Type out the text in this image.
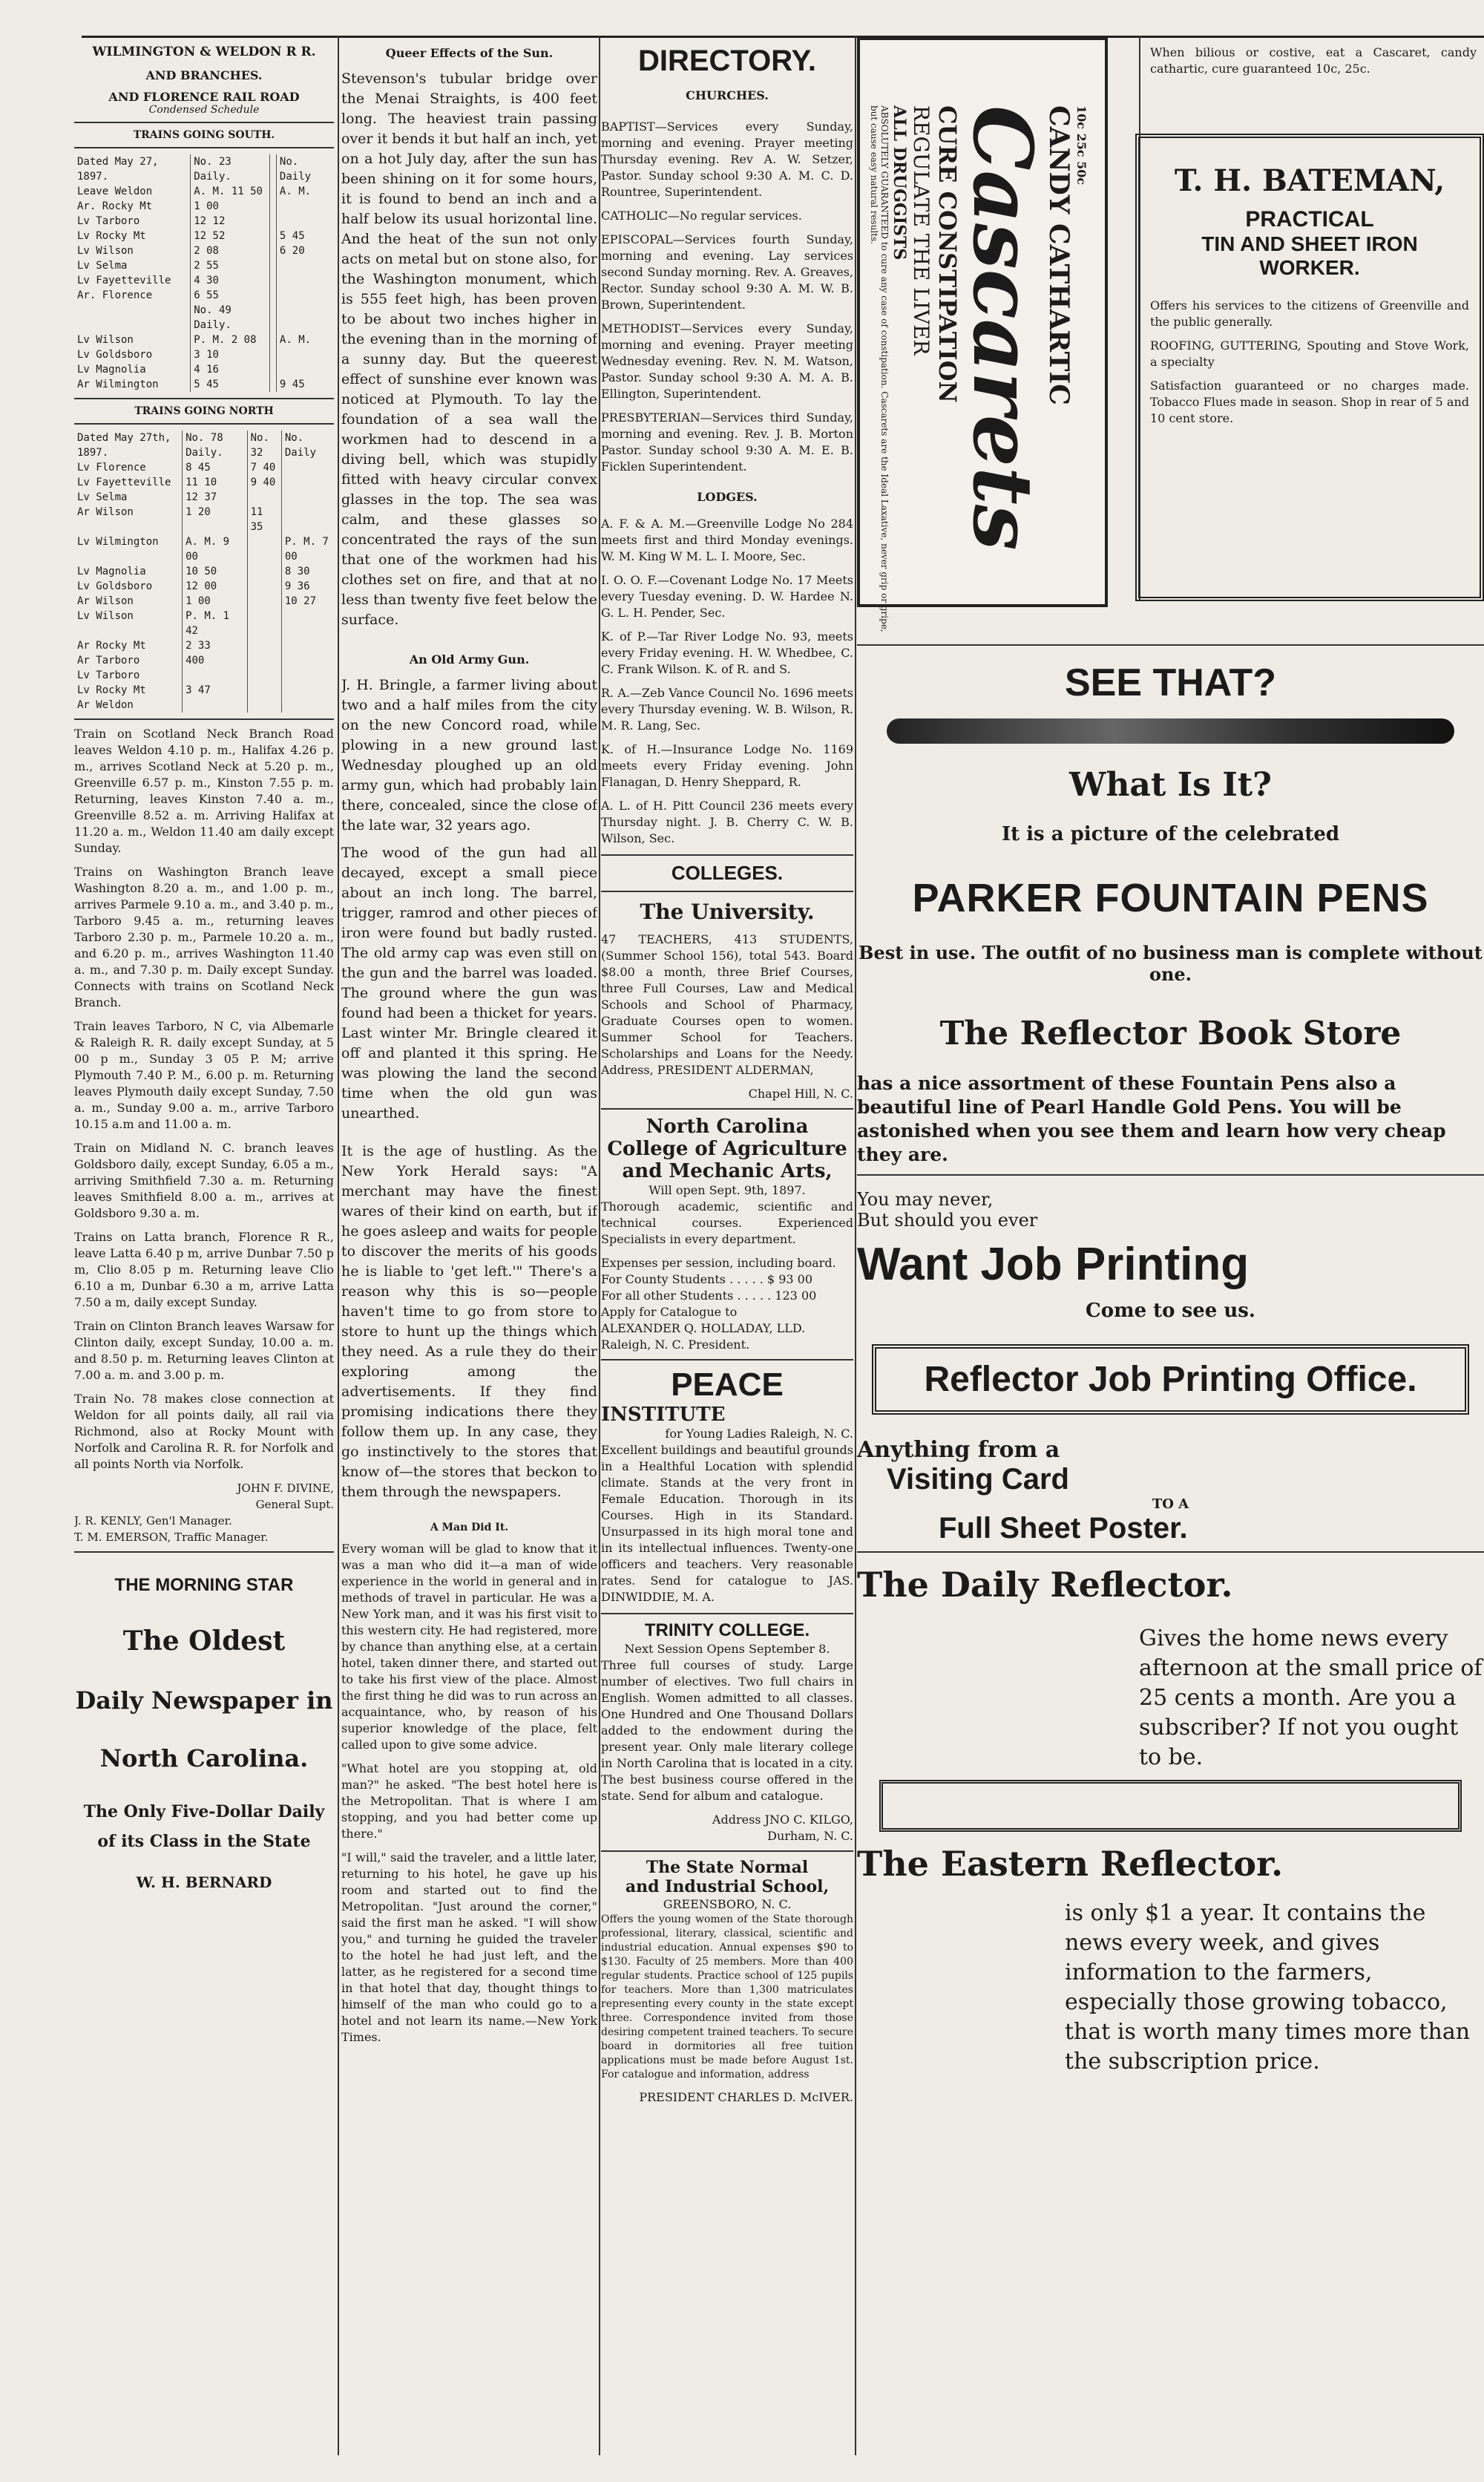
WILMINGTON & WELDON R R.
AND BRANCHES.
AND FLORENCE RAIL ROAD
Condensed Schedule
TRAINS GOING SOUTH.
Dated May 27, 1897.	No. 23 Daily.		No. Daily
Leave Weldon	A. M. 11 50		A. M.
Ar. Rocky Mt	1 00		
Lv Tarboro	12 12		
Lv Rocky Mt	12 52		5 45
Lv Wilson	2 08		6 20
Lv Selma	2 55		
Lv Fayetteville	4 30		
Ar. Florence	6 55		
	No. 49 Daily.		
Lv Wilson	P. M. 2 08		A. M.
Lv Goldsboro	3 10		
Lv Magnolia	4 16		
Ar Wilmington	5 45		9 45
TRAINS GOING NORTH
Dated May 27th, 1897.	No. 78 Daily.	No. 32	No. Daily
Lv Florence	8 45	7 40	
Lv Fayetteville	11 10	9 40	
Lv Selma	12 37		
Ar Wilson	1 20	11 35	
Lv Wilmington	A. M. 9 00		P. M. 7 00
Lv Magnolia	10 50		8 30
Lv Goldsboro	12 00		9 36
Ar Wilson	1 00		10 27
Lv Wilson	P. M. 1 42		
Ar Rocky Mt	2 33		
Ar Tarboro	400		
Lv Tarboro			
Lv Rocky Mt	3 47		
Ar Weldon			

Train on Scotland Neck Branch Road leaves Weldon 4.10 p. m., Halifax 4.26 p. m., arrives Scotland Neck at 5.20 p. m., Greenville 6.57 p. m., Kinston 7.55 p. m. Returning, leaves Kinston 7.40 a. m., Greenville 8.52 a. m. Arriving Halifax at 11.20 a. m., Weldon 11.40 am daily except Sunday.

Trains on Washington Branch leave Washington 8.20 a. m., and 1.00 p. m., arrives Parmele 9.10 a. m., and 3.40 p. m., Tarboro 9.45 a. m., returning leaves Tarboro 2.30 p. m., Parmele 10.20 a. m., and 6.20 p. m., arrives Washington 11.40 a. m., and 7.30 p. m. Daily except Sunday. Connects with trains on Scotland Neck Branch.

Train leaves Tarboro, N C, via Albemarle & Raleigh R. R. daily except Sunday, at 5 00 p m., Sunday 3 05 P. M; arrive Plymouth 7.40 P. M., 6.00 p. m. Returning leaves Plymouth daily except Sunday, 7.50 a. m., Sunday 9.00 a. m., arrive Tarboro 10.15 a.m and 11.00 a. m.

Train on Midland N. C. branch leaves Goldsboro daily, except Sunday, 6.05 a m., arriving Smithfield 7.30 a. m. Returning leaves Smithfield 8.00 a. m., arrives at Goldsboro 9.30 a. m.

Trains on Latta branch, Florence R R., leave Latta 6.40 p m, arrive Dunbar 7.50 p m, Clio 8.05 p m. Returning leave Clio 6.10 a m, Dunbar 6.30 a m, arrive Latta 7.50 a m, daily except Sunday.

Train on Clinton Branch leaves Warsaw for Clinton daily, except Sunday, 10.00 a. m. and 8.50 p. m. Returning leaves Clinton at 7.00 a. m. and 3.00 p. m.

Train No. 78 makes close connection at Weldon for all points daily, all rail via Richmond, also at Rocky Mount with Norfolk and Carolina R. R. for Norfolk and all points North via Norfolk.

JOHN F. DIVINE,
General Supt.
J. R. KENLY, Gen'l Manager.
T. M. EMERSON, Traffic Manager.
THE MORNING STAR
The Oldest
Daily Newspaper in
North Carolina.
The Only Five-Dollar Daily
of its Class in the State
W. H. BERNARD
Queer Effects of the Sun.

Stevenson's tubular bridge over the Menai Straights, is 400 feet long. The heaviest train passing over it bends it but half an inch, yet on a hot July day, after the sun has been shining on it for some hours, it is found to bend an inch and a half below its usual horizontal line. And the heat of the sun not only acts on metal but on stone also, for the Washington monument, which is 555 feet high, has been proven to be about two inches higher in the evening than in the morning of a sunny day. But the queerest effect of sunshine ever known was noticed at Plymouth. To lay the foundation of a sea wall the workmen had to descend in a diving bell, which was stupidly fitted with heavy circular convex glasses in the top. The sea was calm, and these glasses so concentrated the rays of the sun that one of the workmen had his clothes set on fire, and that at no less than twenty five feet below the surface.

An Old Army Gun.

J. H. Bringle, a farmer living about two and a half miles from the city on the new Concord road, while plowing in a new ground last Wednesday ploughed up an old army gun, which had probably lain there, concealed, since the close of the late war, 32 years ago.

The wood of the gun had all decayed, except a small piece about an inch long. The barrel, trigger, ramrod and other pieces of iron were found but badly rusted. The old army cap was even still on the gun and the barrel was loaded. The ground where the gun was found had been a thicket for years. Last winter Mr. Bringle cleared it off and planted it this spring. He was plowing the land the second time when the old gun was unearthed.

It is the age of hustling. As the New York Herald says: "A merchant may have the finest wares of their kind on earth, but if he goes asleep and waits for people to discover the merits of his goods he is liable to 'get left.'" There's a reason why this is so—people haven't time to go from store to store to hunt up the things which they need. As a rule they do their exploring among the advertisements. If they find promising indications there they follow them up. In any case, they go instinctively to the stores that know of—the stores that beckon to them through the newspapers.

A Man Did It.

Every woman will be glad to know that it was a man who did it—a man of wide experience in the world in general and in methods of travel in particular. He was a New York man, and it was his first visit to this western city. He had registered, more by chance than anything else, at a certain hotel, taken dinner there, and started out to take his first view of the place. Almost the first thing he did was to run across an acquaintance, who, by reason of his superior knowledge of the place, felt called upon to give some advice.

"What hotel are you stopping at, old man?" he asked. "The best hotel here is the Metropolitan. That is where I am stopping, and you had better come up there."

"I will," said the traveler, and a little later, returning to his hotel, he gave up his room and started out to find the Metropolitan. "Just around the corner," said the first man he asked. "I will show you," and turning he guided the traveler to the hotel he had just left, and the latter, as he registered for a second time in that hotel that day, thought things to himself of the man who could go to a hotel and not learn its name.—New York Times.

DIRECTORY.
CHURCHES.

BAPTIST—Services every Sunday, morning and evening. Prayer meeting Thursday evening. Rev A. W. Setzer, Pastor. Sunday school 9:30 A. M. C. D. Rountree, Superintendent.

CATHOLIC—No regular services.

EPISCOPAL—Services fourth Sunday, morning and evening. Lay services second Sunday morning. Rev. A. Greaves, Rector. Sunday school 9:30 A. M. W. B. Brown, Superintendent.

METHODIST—Services every Sunday, morning and evening. Prayer meeting Wednesday evening. Rev. N. M. Watson, Pastor. Sunday school 9:30 A. M. A. B. Ellington, Superintendent.

PRESBYTERIAN—Services third Sunday, morning and evening. Rev. J. B. Morton Pastor. Sunday school 9:30 A. M. E. B. Ficklen Superintendent.

LODGES.

A. F. & A. M.—Greenville Lodge No 284 meets first and third Monday evenings. W. M. King W M. L. I. Moore, Sec.

I. O. O. F.—Covenant Lodge No. 17 Meets every Tuesday evening. D. W. Hardee N. G. L. H. Pender, Sec.

K. of P.—Tar River Lodge No. 93, meets every Friday evening. H. W. Whedbee, C. C. Frank Wilson. K. of R. and S.

R. A.—Zeb Vance Council No. 1696 meets every Thursday evening. W. B. Wilson, R. M. R. Lang, Sec.

K. of H.—Insurance Lodge No. 1169 meets every Friday evening. John Flanagan, D. Henry Sheppard, R.

A. L. of H. Pitt Council 236 meets every Thursday night. J. B. Cherry C. W. B. Wilson, Sec.

COLLEGES.
The University.

47 TEACHERS, 413 STUDENTS, (Summer School 156), total 543. Board $8.00 a month, three Brief Courses, three Full Courses, Law and Medical Schools and School of Pharmacy, Graduate Courses open to women. Summer School for Teachers. Scholarships and Loans for the Needy. Address, PRESIDENT ALDERMAN,

Chapel Hill, N. C.
North Carolina
College of Agriculture
and Mechanic Arts,
Will open Sept. 9th, 1897.

Thorough academic, scientific and technical courses. Experienced Specialists in every department.

Expenses per session, including board.
For County Students . . . . . $ 93 00
For all other Students . . . . . 123 00
Apply for Catalogue to
ALEXANDER Q. HOLLADAY, LLD.
Raleigh, N. C. President.
PEACE
INSTITUTE
for Young Ladies Raleigh, N. C.

Excellent buildings and beautiful grounds in a Healthful Location with splendid climate. Stands at the very front in Female Education. Thorough in its Courses. High in its Standard. Unsurpassed in its high moral tone and in its intellectual influences. Twenty-one officers and teachers. Very reasonable rates. Send for catalogue to JAS. DINWIDDIE, M. A.

TRINITY COLLEGE.
Next Session Opens September 8.

Three full courses of study. Large number of electives. Two full chairs in English. Women admitted to all classes. One Hundred and One Thousand Dollars added to the endowment during the present year. Only male literary college in North Carolina that is located in a city. The best business course offered in the state. Send for album and catalogue.

Address JNO C. KILGO,
Durham, N. C.
The State Normal
and Industrial School,
GREENSBORO, N. C.

Offers the young women of the State thorough professional, literary, classical, scientific and industrial education. Annual expenses $90 to $130. Faculty of 25 members. More than 400 regular students. Practice school of 125 pupils for teachers. More than 1,300 matriculates representing every county in the state except three. Correspondence invited from those desiring competent trained teachers. To secure board in dormitories all free tuition applications must be made before August 1st. For catalogue and information, address

PRESIDENT CHARLES D. McIVER.
10c 25c 50c
CANDY CATHARTIC
Cascarets
CURE CONSTIPATION
REGULATE THE LIVER
ALL DRUGGISTS
ABSOLUTELY GUARANTEED to cure any case of constipation. Cascarets are the Ideal Laxative, never grip or gripe, but cause easy natural results.
When bilious or costive, eat a Cascaret, candy cathartic, cure guaranteed 10c, 25c.
T. H. BATEMAN,
PRACTICAL
TIN AND SHEET IRON
WORKER.

Offers his services to the citizens of Greenville and the public generally.

ROOFING, GUTTERING, Spouting and Stove Work, a specialty

Satisfaction guaranteed or no charges made. Tobacco Flues made in season. Shop in rear of 5 and 10 cent store.

SEE THAT?
What Is It?
It is a picture of the celebrated
PARKER FOUNTAIN PENS
Best in use. The outfit of no business man is complete without one.
The Reflector Book Store

has a nice assortment of these Fountain Pens also a beautiful line of Pearl Handle Gold Pens. You will be astonished when you see them and learn how very cheap they are.

You may never,
But should you ever
Want Job Printing
Come to see us.
Reflector Job Printing Office.
Anything from a
Visiting Card
TO A
Full Sheet Poster.
The Daily Reflector.

Gives the home news every afternoon at the small price of 25 cents a month. Are you a subscriber? If not you ought to be.

The Eastern Reflector.

is only $1 a year. It contains the news every week, and gives information to the farmers, especially those growing tobacco, that is worth many times more than the subscription price.
